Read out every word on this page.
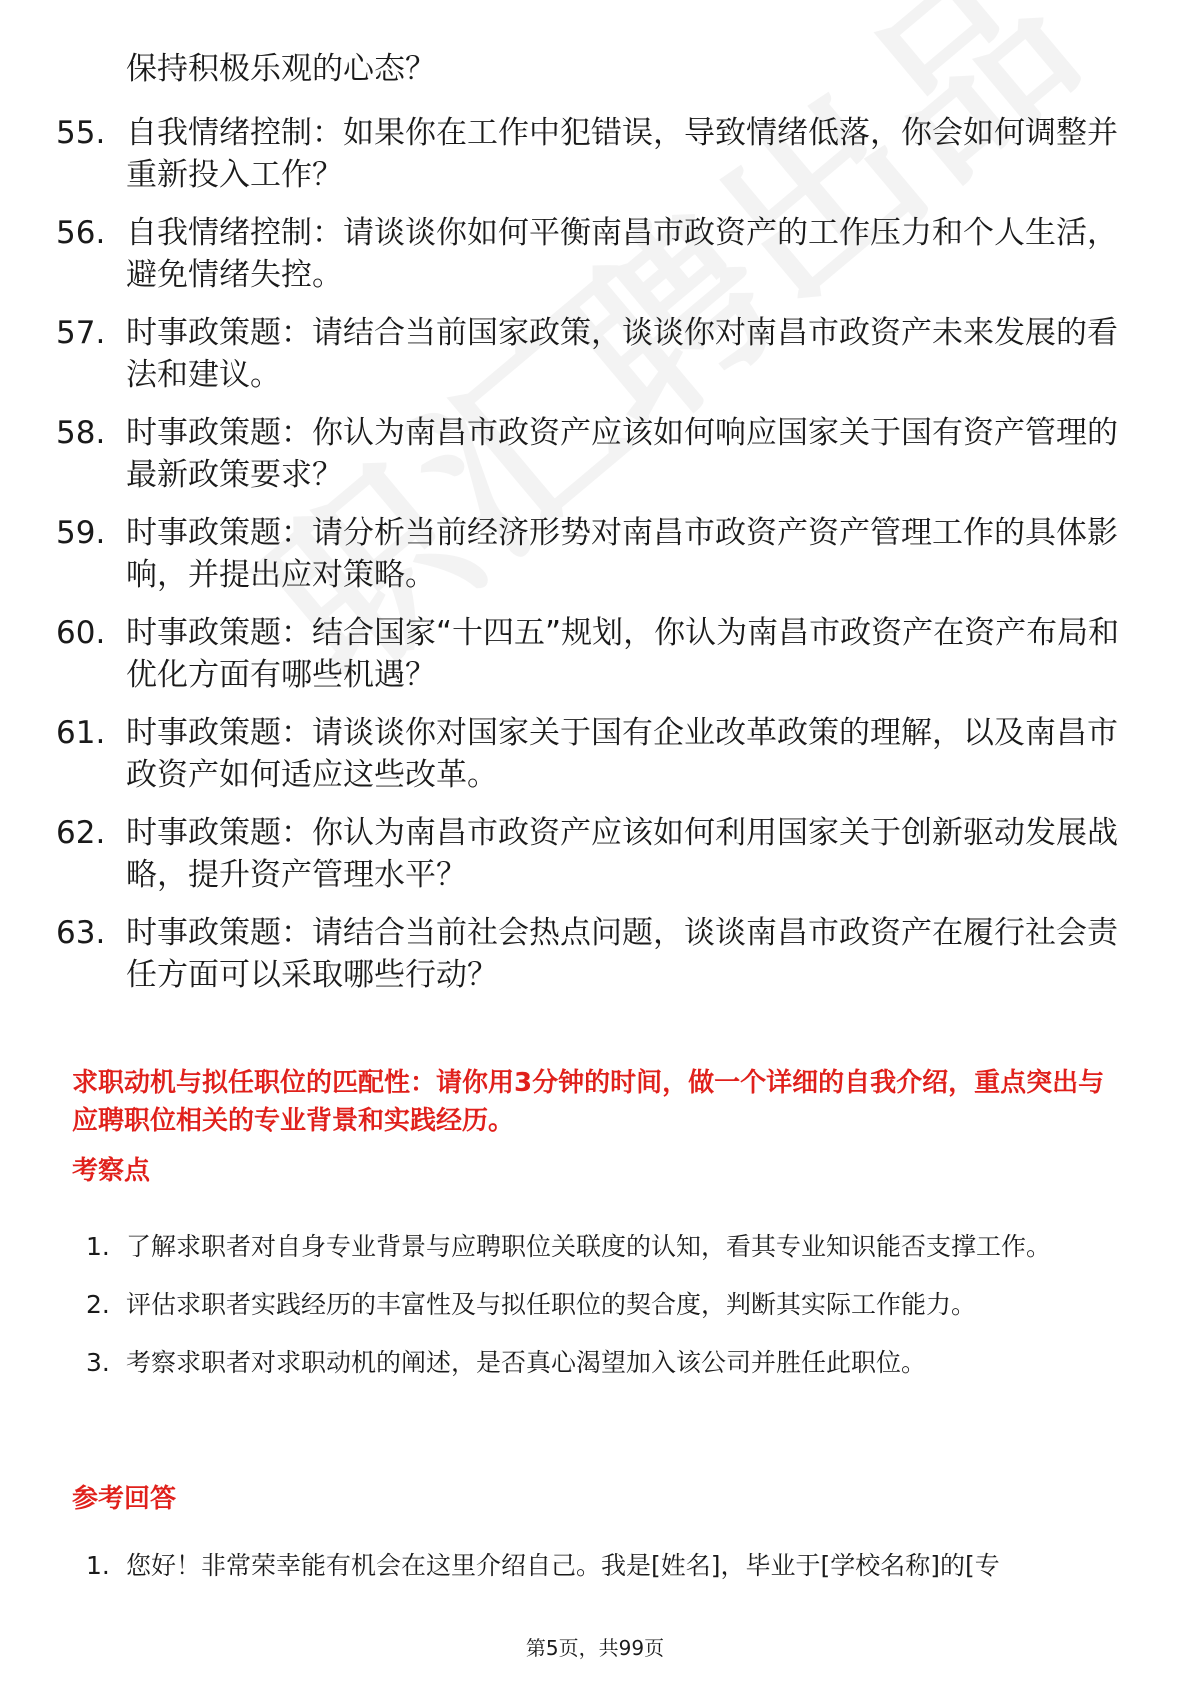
保持积极乐观的心态？
55. 自我情绪控制：如果你在工作中犯错误，导致情绪低落，你会如何调整并重新投入工作？
56. 自我情绪控制：请谈谈你如何平衡南昌市政资产的工作压力和个人生活，避免情绪失控。
57. 时事政策题：请结合当前国家政策，谈谈你对南昌市政资产未来发展的看法和建议。
58. 时事政策题：你认为南昌市政资产应该如何响应国家关于国有资产管理的最新政策要求？
59. 时事政策题：请分析当前经济形势对南昌市政资产资产管理工作的具体影响，并提出应对策略。
60. 时事政策题：结合国家“十四五”规划，你认为南昌市政资产在资产布局和优化方面有哪些机遇？
61. 时事政策题：请谈谈你对国家关于国有企业改革政策的理解，以及南昌市政资产如何适应这些改革。
62. 时事政策题：你认为南昌市政资产应该如何利用国家关于创新驱动发展战略，提升资产管理水平？
63. 时事政策题：请结合当前社会热点问题，谈谈南昌市政资产在履行社会责任方面可以采取哪些行动？
求职动机与拟任职位的匹配性：请你用3分钟的时间，做一个详细的自我介绍，重点突出与应聘职位相关的专业背景和实践经历。
考察点
1. 了解求职者对自身专业背景与应聘职位关联度的认知，看其专业知识能否支撑工作。
2. 评估求职者实践经历的丰富性及与拟任职位的契合度，判断其实际工作能力。
3. 考察求职者对求职动机的阐述，是否真心渴望加入该公司并胜任此职位。
参考回答
1. 您好！非常荣幸能有机会在这里介绍自己。我是[姓名]，毕业于[学校名称]的[专
第5页，共99页
